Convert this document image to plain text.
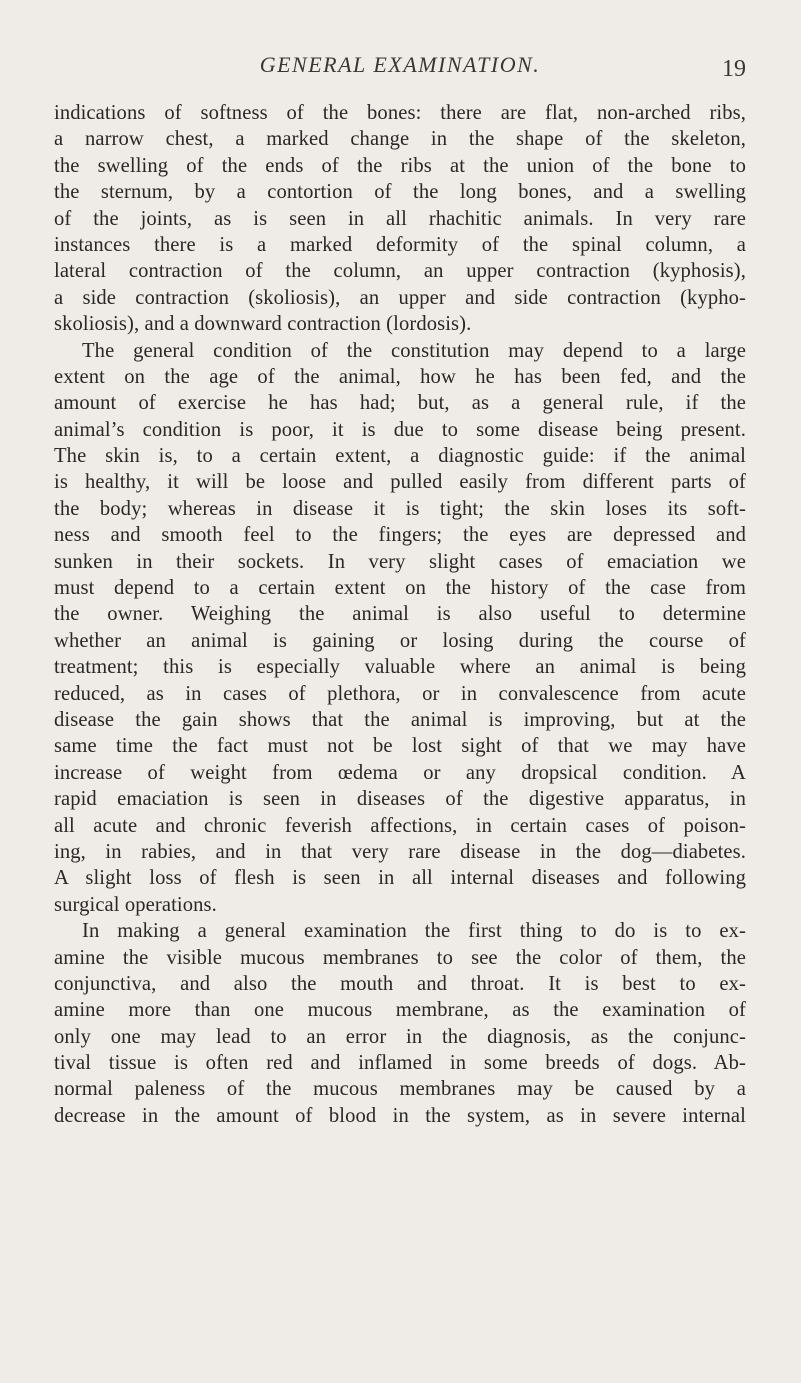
GENERAL EXAMINATION.	19
indications of softness of the bones: there are flat, non-arched ribs,
a narrow chest, a marked change in the shape of the skeleton,
the swelling of the ends of the ribs at the union of the bone to
the sternum, by a contortion of the long bones, and a swelling
of the joints, as is seen in all rhachitic animals. In very rare
instances there is a marked deformity of the spinal column, a
lateral contraction of the column, an upper contraction (kyphosis),
a side contraction (skoliosis), an upper and side contraction (kypho-
skoliosis), and a downward contraction (lordosis).
The general condition of the constitution may depend to a large
extent on the age of the animal, how he has been fed, and the
amount of exercise he has had; but, as a general rule, if the
animal’s condition is poor, it is due to some disease being present.
The skin is, to a certain extent, a diagnostic guide: if the animal
is healthy, it will be loose and pulled easily from different parts of
the body; whereas in disease it is tight; the skin loses its soft-
ness and smooth feel to the fingers; the eyes are depressed and
sunken in their sockets. In very slight cases of emaciation we
must depend to a certain extent on the history of the case from
the owner. Weighing the animal is also useful to determine
whether an animal is gaining or losing during the course of
treatment; this is especially valuable where an animal is being
reduced, as in cases of plethora, or in convalescence from acute
disease the gain shows that the animal is improving, but at the
same time the fact must not be lost sight of that we may have
increase of weight from œdema or any dropsical condition. A
rapid emaciation is seen in diseases of the digestive apparatus, in
all acute and chronic feverish affections, in certain cases of poison-
ing, in rabies, and in that very rare disease in the dog—diabetes.
A slight loss of flesh is seen in all internal diseases and following
surgical operations.
In making a general examination the first thing to do is to ex-
amine the visible mucous membranes to see the color of them, the
conjunctiva, and also the mouth and throat. It is best to ex-
amine more than one mucous membrane, as the examination of
only one may lead to an error in the diagnosis, as the conjunc-
tival tissue is often red and inflamed in some breeds of dogs. Ab-
normal paleness of the mucous membranes may be caused by a
decrease in the amount of blood in the system, as in severe internal
